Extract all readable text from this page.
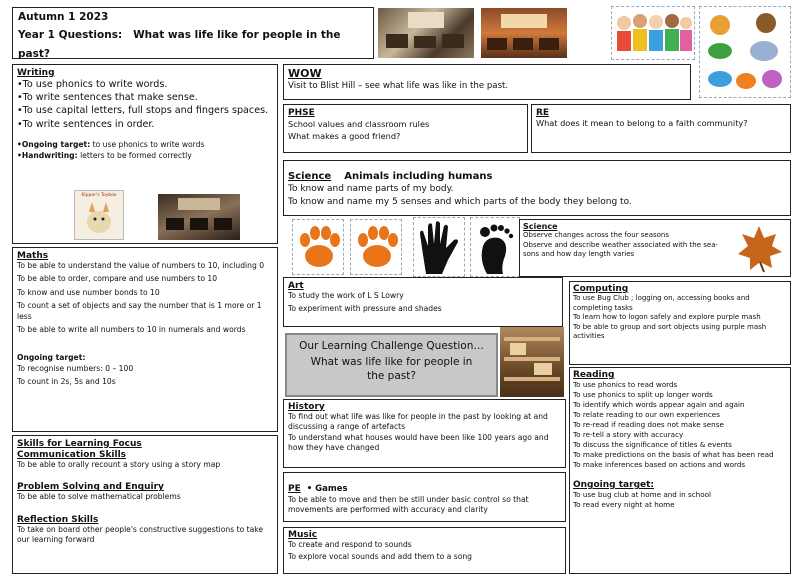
Autumn 1 2023
Year 1 Questions: What was life like for people in the past?
Writing
•To use phonics to write words.
•To write sentences that make sense.
•To use capital letters, full stops and fingers spaces.
•To write sentences in order.
•Ongoing target: to use phonics to write words
•Handwriting: letters to be formed correctly
Kipper's Toybox
Maths
To be able to understand the value of numbers to 10, including 0
To be able to order, compare and use numbers to 10
To know and use number bonds to 10
To count a set of objects and say the number that is 1 more or 1 less
To be able to write all numbers to 10 in numerals and words
Ongoing target:
To recognise numbers: 0 – 100
To count in 2s, 5s and 10s
Skills for Learning Focus
Communication Skills
To be able to orally recount a story using a story map
Problem Solving and Enquiry
To be able to solve mathematical problems
Reflection Skills
To take on board other people's constructive suggestions to take our learning forward
WOW
Visit to Blist Hill – see what life was like in the past.
PHSE
School values and classroom rules
What makes a good friend?
RE
What does it mean to belong to a faith community?
Science Animals including humans
To know and name parts of my body.
To know and name my 5 senses and which parts of the body they belong to.
Science
Observe changes across the four seasons
Observe and describe weather associated with the sea-
sons and how day length varies
Art
To study the work of L S Lowry
To experiment with pressure and shades
Our Learning Challenge Question…
What was life like for people in the past?
History
To find out what life was like for people in the past by looking at and discussing a range of artefacts
To understand what houses would have been like 100 years ago and how they have changed
PE • Games
To be able to move and then be still under basic control so that movements are performed with accuracy and clarity
Music
To create and respond to sounds
To explore vocal sounds and add them to a song
Computing
To use Bug Club ; logging on, accessing books and completing tasks
To learn how to logon safely and explore purple mash
To be able to group and sort objects using purple mash activities
Reading
To use phonics to read words
To use phonics to split up longer words
To identify which words appear again and again
To relate reading to our own experiences
To re-read if reading does not make sense
To re-tell a story with accuracy
To discuss the significance of titles & events
To make predictions on the basis of what has been read
To make inferences based on actions and words
Ongoing target:
To use bug club at home and in school
To read every night at home
